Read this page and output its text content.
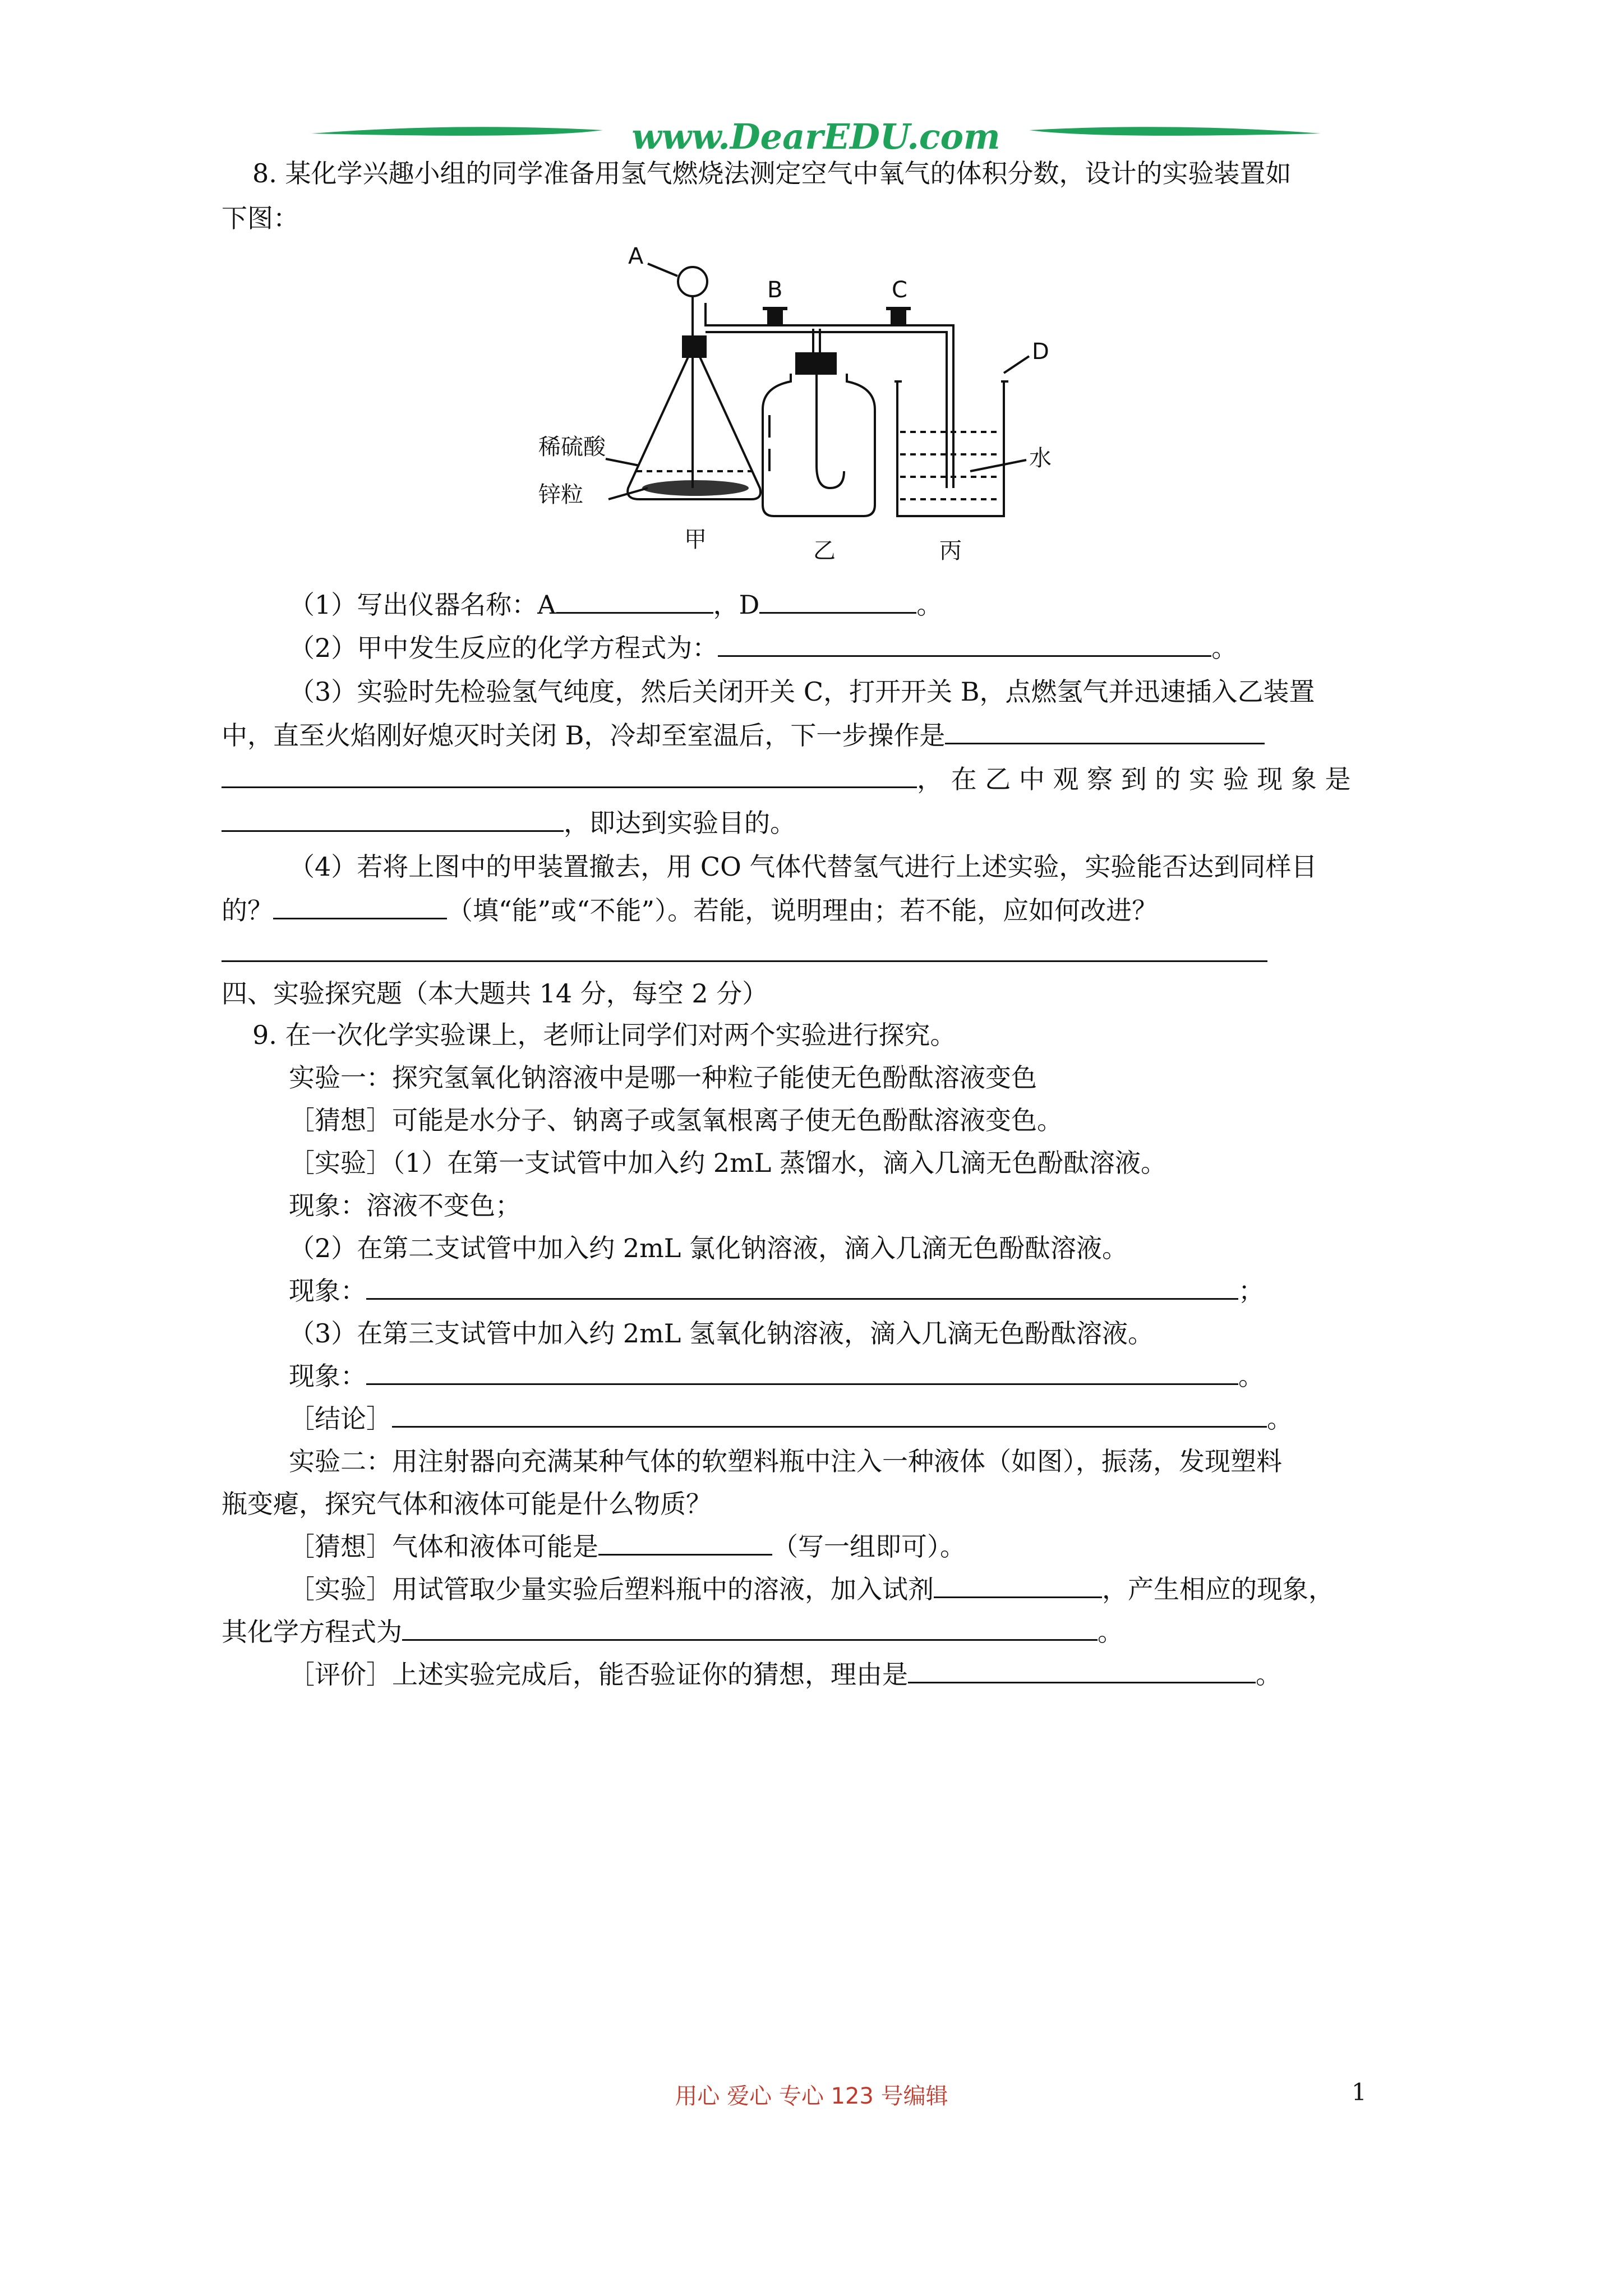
www.DearEDU.com
8. 某化学兴趣小组的同学准备用氢气燃烧法测定空气中氧气的体积分数，设计的实验装置如
下图：
A
B	C
D
稀硫酸
锌粒
水
甲	乙	丙
（1）写出仪器名称：A	，D	。
（2）甲中发生反应的化学方程式为：	。
（3）实验时先检验氢气纯度，然后关闭开关 C，打开开关 B，点燃氢气并迅速插入乙装置
中，直至火焰刚好熄灭时关闭 B，冷却至室温后，下一步操作是
， 在 乙 中 观 察 到 的 实 验 现 象 是
，即达到实验目的。
（4）若将上图中的甲装置撤去，用 CO 气体代替氢气进行上述实验，实验能否达到同样目
的？	（填“能”或“不能”）。若能，说明理由；若不能，应如何改进？
四、实验探究题（本大题共 14 分，每空 2 分）
9. 在一次化学实验课上，老师让同学们对两个实验进行探究。
实验一：探究氢氧化钠溶液中是哪一种粒子能使无色酚酞溶液变色
［猜想］可能是水分子、钠离子或氢氧根离子使无色酚酞溶液变色。
［实验］（1）在第一支试管中加入约 2mL 蒸馏水，滴入几滴无色酚酞溶液。
现象：溶液不变色；
（2）在第二支试管中加入约 2mL 氯化钠溶液，滴入几滴无色酚酞溶液。
现象：	；
（3）在第三支试管中加入约 2mL 氢氧化钠溶液，滴入几滴无色酚酞溶液。
现象：	。
［结论］	。
实验二：用注射器向充满某种气体的软塑料瓶中注入一种液体（如图），振荡，发现塑料
瓶变瘪，探究气体和液体可能是什么物质？
［猜想］气体和液体可能是	（写一组即可）。
［实验］用试管取少量实验后塑料瓶中的溶液，加入试剂	，产生相应的现象，
其化学方程式为	。
［评价］上述实验完成后，能否验证你的猜想，理由是	。
用心 爱心 专心 123 号编辑	1
